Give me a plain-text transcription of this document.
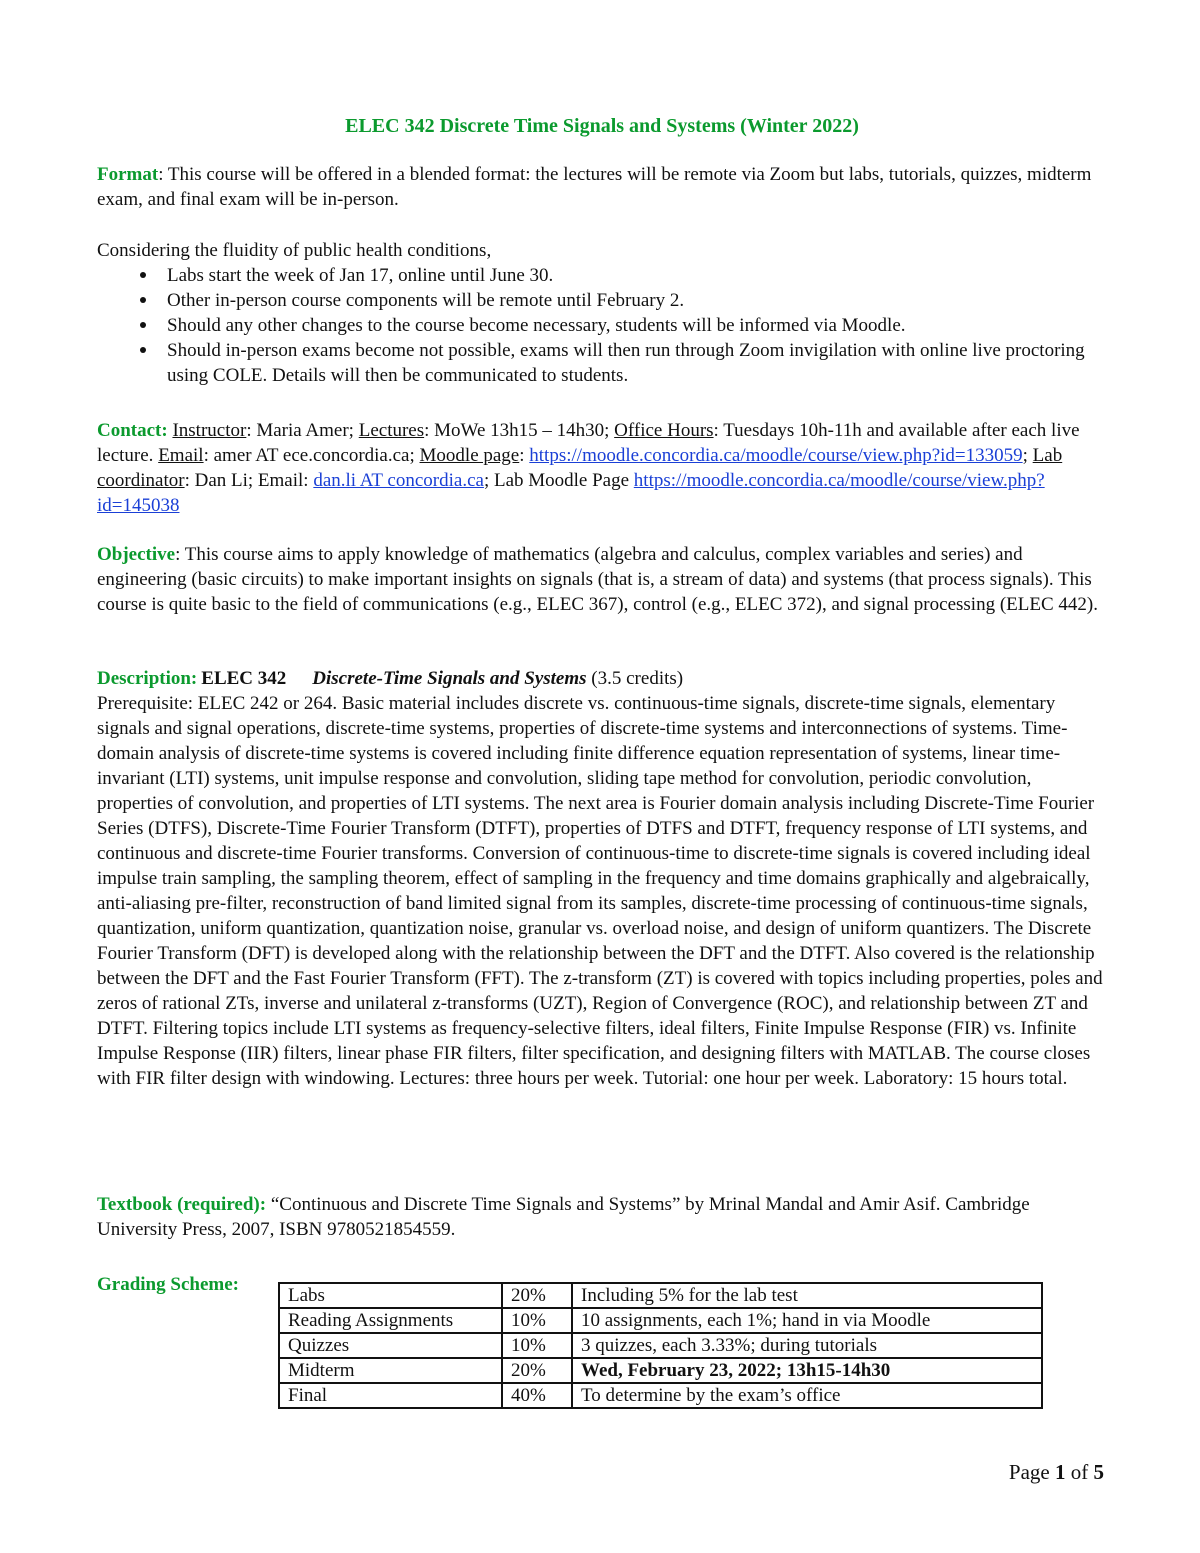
ELEC 342 Discrete Time Signals and Systems (Winter 2022)

Format: This course will be offered in a blended format: the lectures will be remote via Zoom but labs, tutorials, quizzes, midterm exam, and final exam will be in-person.

Considering the fluidity of public health conditions,

Labs start the week of Jan 17, online until June 30.
Other in-person course components will be remote until February 2.
Should any other changes to the course become necessary, students will be informed via Moodle.
Should in-person exams become not possible, exams will then run through Zoom invigilation with online live proctoring using COLE. Details will then be communicated to students.

Contact: Instructor: Maria Amer; Lectures: MoWe 13h15 – 14h30; Office Hours: Tuesdays 10h-11h and available after each live lecture. Email: amer AT ece.concordia.ca; Moodle page: https://moodle.concordia.ca/moodle/course/view.php?id=133059; Lab coordinator: Dan Li; Email: dan.li AT concordia.ca; Lab Moodle Page https://moodle.concordia.ca/moodle/course/view.php?id=145038

Objective: This course aims to apply knowledge of mathematics (algebra and calculus, complex variables and series) and engineering (basic circuits) to make important insights on signals (that is, a stream of data) and systems (that process signals). This course is quite basic to the field of communications (e.g., ELEC 367), control (e.g., ELEC 372), and signal processing (ELEC 442).

Description: ELEC 342 Discrete-Time Signals and Systems (3.5 credits)

Prerequisite: ELEC 242 or 264. Basic material includes discrete vs. continuous-time signals, discrete-time signals, elementary signals and signal operations, discrete-time systems, properties of discrete-time systems and interconnections of systems. Time-domain analysis of discrete-time systems is covered including finite difference equation representation of systems, linear time-invariant (LTI) systems, unit impulse response and convolution, sliding tape method for convolution, periodic convolution, properties of convolution, and properties of LTI systems. The next area is Fourier domain analysis including Discrete-Time Fourier Series (DTFS), Discrete-Time Fourier Transform (DTFT), properties of DTFS and DTFT, frequency response of LTI systems, and continuous and discrete-time Fourier transforms. Conversion of continuous-time to discrete-time signals is covered including ideal impulse train sampling, the sampling theorem, effect of sampling in the frequency and time domains graphically and algebraically, anti-aliasing pre-filter, reconstruction of band limited signal from its samples, discrete-time processing of continuous-time signals, quantization, uniform quantization, quantization noise, granular vs. overload noise, and design of uniform quantizers. The Discrete Fourier Transform (DFT) is developed along with the relationship between the DFT and the DTFT. Also covered is the relationship between the DFT and the Fast Fourier Transform (FFT). The z-transform (ZT) is covered with topics including properties, poles and zeros of rational ZTs, inverse and unilateral z-transforms (UZT), Region of Convergence (ROC), and relationship between ZT and DTFT. Filtering topics include LTI systems as frequency-selective filters, ideal filters, Finite Impulse Response (FIR) vs. Infinite Impulse Response (IIR) filters, linear phase FIR filters, filter specification, and designing filters with MATLAB. The course closes with FIR filter design with windowing. Lectures: three hours per week. Tutorial: one hour per week. Laboratory: 15 hours total.

Textbook (required): “Continuous and Discrete Time Signals and Systems” by Mrinal Mandal and Amir Asif. Cambridge University Press, 2007, ISBN 9780521854559.

Grading Scheme:

Labs	20%	Including 5% for the lab test
Reading Assignments	10%	10 assignments, each 1%; hand in via Moodle
Quizzes	10%	3 quizzes, each 3.33%; during tutorials
Midterm	20%	Wed, February 23, 2022; 13h15-14h30
Final	40%	To determine by the exam’s office
Page 1 of 5
